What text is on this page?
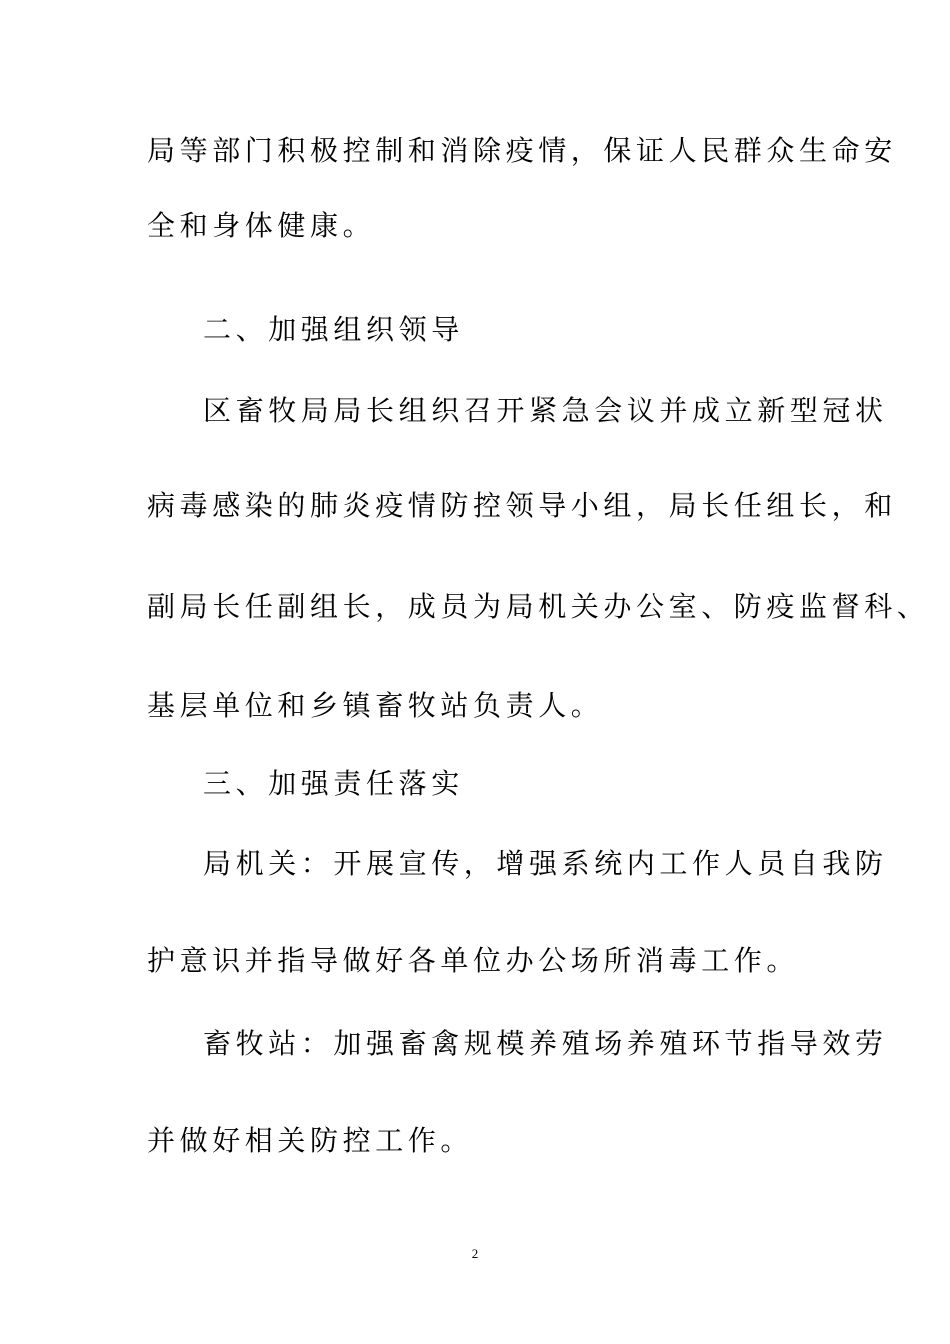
局等部门积极控制和消除疫情，保证人民群众生命安
全和身体健康。
二、加强组织领导
区畜牧局局长组织召开紧急会议并成立新型冠状
病毒感染的肺炎疫情防控领导小组，局长任组长，和
副局长任副组长，成员为局机关办公室、防疫监督科、
基层单位和乡镇畜牧站负责人。
三、加强责任落实
局机关：开展宣传，增强系统内工作人员自我防
护意识并指导做好各单位办公场所消毒工作。
畜牧站：加强畜禽规模养殖场养殖环节指导效劳
并做好相关防控工作。
2
